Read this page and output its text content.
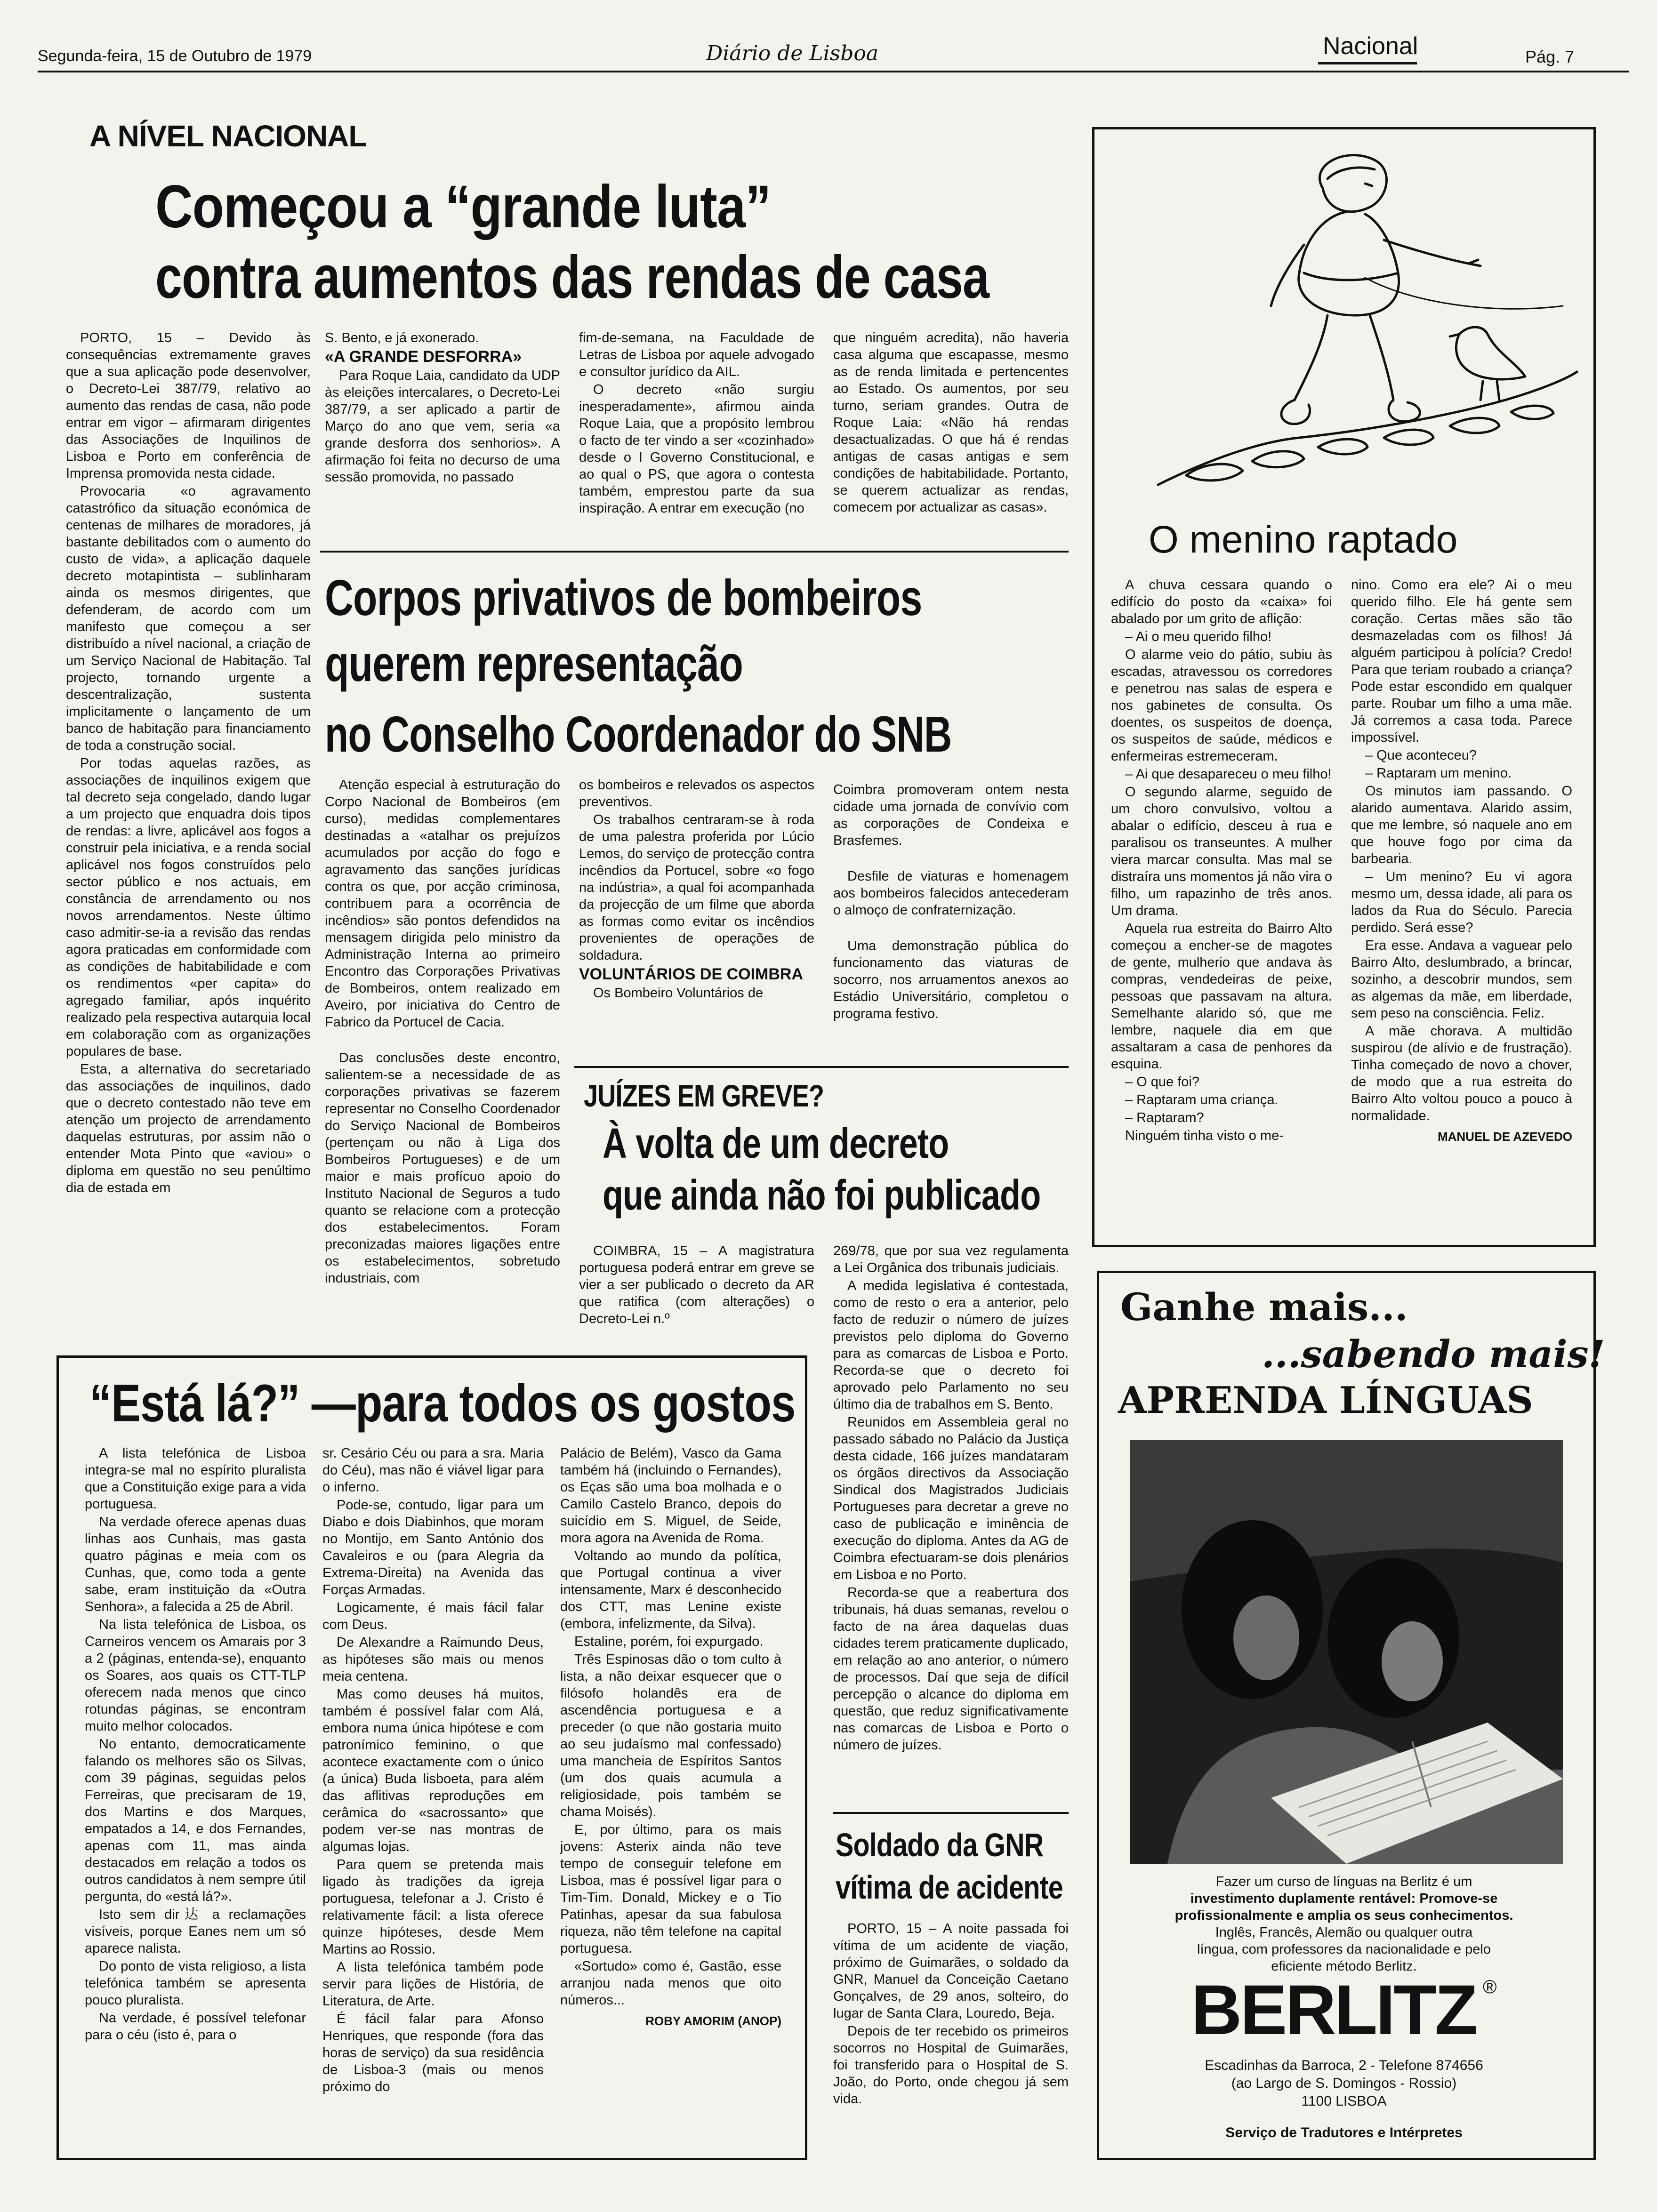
Segunda-feira, 15 de Outubro de 1979	Diário de Lisboa	Nacional	Pág. 7
A NÍVEL NACIONAL
Começou a “grande luta”
contra aumentos das rendas de casa

PORTO, 15 – Devido às consequências extremamente graves que a sua aplicação pode desenvolver, o Decreto-Lei 387/79, relativo ao aumento das rendas de casa, não pode entrar em vigor – afirmaram dirigentes das Associações de Inquilinos de Lisboa e Porto em conferência de Imprensa promovida nesta cidade.

Provocaria «o agravamento catastrófico da situação económica de centenas de milhares de moradores, já bastante debilitados com o aumento do custo de vida», a aplicação daquele decreto motapintista – sublinharam ainda os mesmos dirigentes, que defenderam, de acordo com um manifesto que começou a ser distribuído a nível nacional, a criação de um Serviço Nacional de Habitação. Tal projecto, tornando urgente a descentralização, sustenta implicitamente o lançamento de um banco de habitação para financiamento de toda a construção social.

Por todas aquelas razões, as associações de inquilinos exigem que tal decreto seja congelado, dando lugar a um projecto que enquadra dois tipos de rendas: a livre, aplicável aos fogos a construir pela iniciativa, e a renda social aplicável nos fogos construídos pelo sector público e nos actuais, em constância de arrendamento ou nos novos arrendamentos. Neste último caso admitir-se-ia a revisão das rendas agora praticadas em conformidade com as condições de habitabilidade e com os rendimentos «per capita» do agregado familiar, após inquérito realizado pela respectiva autarquia local em colaboração com as organizações populares de base.

Esta, a alternativa do secretariado das associações de inquilinos, dado que o decreto contestado não teve em atenção um projecto de arrendamento daquelas estruturas, por assim não o entender Mota Pinto que «aviou» o diploma em questão no seu penúltimo dia de estada em

S. Bento, e já exonerado.

«A GRANDE DESFORRA»

Para Roque Laia, candidato da UDP às eleições intercalares, o Decreto-Lei 387/79, a ser aplicado a partir de Março do ano que vem, seria «a grande desforra dos senhorios». A afirmação foi feita no decurso de uma sessão promovida, no passado

fim-de-semana, na Faculdade de Letras de Lisboa por aquele advogado e consultor jurídico da AIL.

O decreto «não surgiu inesperadamente», afirmou ainda Roque Laia, que a propósito lembrou o facto de ter vindo a ser «cozinhado» desde o I Governo Constitucional, e ao qual o PS, que agora o contesta também, emprestou parte da sua inspiração. A entrar em execução (no

que ninguém acredita), não haveria casa alguma que escapasse, mesmo as de renda limitada e pertencentes ao Estado. Os aumentos, por seu turno, seriam grandes. Outra de Roque Laia: «Não há rendas desactualizadas. O que há é rendas antigas de casas antigas e sem condições de habitabilidade. Portanto, se querem actualizar as rendas, comecem por actualizar as casas».

Corpos privativos de bombeiros
querem representação
no Conselho Coordenador do SNB

Atenção especial à estruturação do Corpo Nacional de Bombeiros (em curso), medidas complementares destinadas a «atalhar os prejuízos acumulados por acção do fogo e agravamento das sanções jurídicas contra os que, por acção criminosa, contribuem para a ocorrência de incêndios» são pontos defendidos na mensagem dirigida pelo ministro da Administração Interna ao primeiro Encontro das Corporações Privativas de Bombeiros, ontem realizado em Aveiro, por iniciativa do Centro de Fabrico da Portucel de Cacia.

Das conclusões deste encontro, salientem-se a necessidade de as corporações privativas se fazerem representar no Conselho Coordenador do Serviço Nacional de Bombeiros (pertençam ou não à Liga dos Bombeiros Portugueses) e de um maior e mais profícuo apoio do Instituto Nacional de Seguros a tudo quanto se relacione com a protecção dos estabelecimentos. Foram preconizadas maiores ligações entre os estabelecimentos, sobretudo industriais, com

os bombeiros e relevados os aspectos preventivos.

Os trabalhos centraram-se à roda de uma palestra proferida por Lúcio Lemos, do serviço de protecção contra incêndios da Portucel, sobre «o fogo na indústria», a qual foi acompanhada da projecção de um filme que aborda as formas como evitar os incêndios provenientes de operações de soldadura.

VOLUNTÁRIOS DE COIMBRA

Os Bombeiro Voluntários de

Coimbra promoveram ontem nesta cidade uma jornada de convívio com as corporações de Condeixa e Brasfemes.

Desfile de viaturas e homenagem aos bombeiros falecidos antecederam o almoço de confraternização.

Uma demonstração pública do funcionamento das viaturas de socorro, nos arruamentos anexos ao Estádio Universitário, completou o programa festivo.

JUÍZES EM GREVE?
À volta de um decreto
que ainda não foi publicado

COIMBRA, 15 – A magistratura portuguesa poderá entrar em greve se vier a ser publicado o decreto da AR que ratifica (com alterações) o Decreto-Lei n.º

269/78, que por sua vez regulamenta a Lei Orgânica dos tribunais judiciais.

A medida legislativa é contestada, como de resto o era a anterior, pelo facto de reduzir o número de juízes previstos pelo diploma do Governo para as comarcas de Lisboa e Porto. Recorda-se que o decreto foi aprovado pelo Parlamento no seu último dia de trabalhos em S. Bento.

Reunidos em Assembleia geral no passado sábado no Palácio da Justiça desta cidade, 166 juízes mandataram os órgãos directivos da Associação Sindical dos Magistrados Judiciais Portugueses para decretar a greve no caso de publicação e iminência de execução do diploma. Antes da AG de Coimbra efectuaram-se dois plenários em Lisboa e no Porto.

Recorda-se que a reabertura dos tribunais, há duas semanas, revelou o facto de na área daquelas duas cidades terem praticamente duplicado, em relação ao ano anterior, o número de processos. Daí que seja de difícil percepção o alcance do diploma em questão, que reduz significativamente nas comarcas de Lisboa e Porto o número de juízes.

Soldado da GNR
vítima de acidente

PORTO, 15 – A noite passada foi vítima de um acidente de viação, próximo de Guimarães, o soldado da GNR, Manuel da Conceição Caetano Gonçalves, de 29 anos, solteiro, do lugar de Santa Clara, Louredo, Beja.

Depois de ter recebido os primeiros socorros no Hospital de Guimarães, foi transferido para o Hospital de S. João, do Porto, onde chegou já sem vida.

“Está lá?” —para todos os gostos

A lista telefónica de Lisboa integra-se mal no espírito pluralista que a Constituição exige para a vida portuguesa.

Na verdade oferece apenas duas linhas aos Cunhais, mas gasta quatro páginas e meia com os Cunhas, que, como toda a gente sabe, eram instituição da «Outra Senhora», a falecida a 25 de Abril.

Na lista telefónica de Lisboa, os Carneiros vencem os Amarais por 3 a 2 (páginas, entenda-se), enquanto os Soares, aos quais os CTT-TLP oferecem nada menos que cinco rotundas páginas, se encontram muito melhor colocados.

No entanto, democraticamente falando os melhores são os Silvas, com 39 páginas, seguidas pelos Ferreiras, que precisaram de 19, dos Martins e dos Marques, empatados a 14, e dos Fernandes, apenas com 11, mas ainda destacados em relação a todos os outros candidatos à nem sempre útil pergunta, do «está lá?».

Isto sem dir达 a reclamações visíveis, porque Eanes nem um só aparece nalista.

Do ponto de vista religioso, a lista telefónica também se apresenta pouco pluralista.

Na verdade, é possível telefonar para o céu (isto é, para o

sr. Cesário Céu ou para a sra. Maria do Céu), mas não é viável ligar para o inferno.

Pode-se, contudo, ligar para um Diabo e dois Diabinhos, que moram no Montijo, em Santo António dos Cavaleiros e ou (para Alegria da Extrema-Direita) na Avenida das Forças Armadas.

Logicamente, é mais fácil falar com Deus.

De Alexandre a Raimundo Deus, as hipóteses são mais ou menos meia centena.

Mas como deuses há muitos, também é possível falar com Alá, embora numa única hipótese e com patronímico feminino, o que acontece exactamente com o único (a única) Buda lisboeta, para além das aflitivas reproduções em cerâmica do «sacrossanto» que podem ver-se nas montras de algumas lojas.

Para quem se pretenda mais ligado às tradições da igreja portuguesa, telefonar a J. Cristo é relativamente fácil: a lista oferece quinze hipóteses, desde Mem Martins ao Rossio.

A lista telefónica também pode servir para lições de História, de Literatura, de Arte.

É fácil falar para Afonso Henriques, que responde (fora das horas de serviço) da sua residência de Lisboa-3 (mais ou menos próximo do

Palácio de Belém), Vasco da Gama também há (incluindo o Fernandes), os Eças são uma boa molhada e o Camilo Castelo Branco, depois do suicídio em S. Miguel, de Seide, mora agora na Avenida de Roma.

Voltando ao mundo da política, que Portugal continua a viver intensamente, Marx é desconhecido dos CTT, mas Lenine existe (embora, infelizmente, da Silva).

Estaline, porém, foi expurgado.

Três Espinosas dão o tom culto à lista, a não deixar esquecer que o filósofo holandês era de ascendência portuguesa e a preceder (o que não gostaria muito ao seu judaísmo mal confessado) uma mancheia de Espíritos Santos (um dos quais acumula a religiosidade, pois também se chama Moisés).

E, por último, para os mais jovens: Asterix ainda não teve tempo de conseguir telefone em Lisboa, mas é possível ligar para o Tim-Tim. Donald, Mickey e o Tio Patinhas, apesar da sua fabulosa riqueza, não têm telefone na capital portuguesa.

«Sortudo» como é, Gastão, esse arranjou nada menos que oito números...

ROBY AMORIM (ANOP)

O menino raptado

A chuva cessara quando o edifício do posto da «caixa» foi abalado por um grito de aflição:

– Ai o meu querido filho!

O alarme veio do pátio, subiu às escadas, atravessou os corredores e penetrou nas salas de espera e nos gabinetes de consulta. Os doentes, os suspeitos de doença, os suspeitos de saúde, médicos e enfermeiras estremeceram.

– Ai que desapareceu o meu filho!

O segundo alarme, seguido de um choro convulsivo, voltou a abalar o edifício, desceu à rua e paralisou os transeuntes. A mulher viera marcar consulta. Mas mal se distraíra uns momentos já não vira o filho, um rapazinho de três anos. Um drama.

Aquela rua estreita do Bairro Alto começou a encher-se de magotes de gente, mulherio que andava às compras, vendedeiras de peixe, pessoas que passavam na altura. Semelhante alarido só, que me lembre, naquele dia em que assaltaram a casa de penhores da esquina.

– O que foi?

– Raptaram uma criança.

– Raptaram?

Ninguém tinha visto o me-

nino. Como era ele? Ai o meu querido filho. Ele há gente sem coração. Certas mães são tão desmazeladas com os filhos! Já alguém participou à polícia? Credo! Para que teriam roubado a criança? Pode estar escondido em qualquer parte. Roubar um filho a uma mãe. Já corremos a casa toda. Parece impossível.

– Que aconteceu?

– Raptaram um menino.

Os minutos iam passando. O alarido aumentava. Alarido assim, que me lembre, só naquele ano em que houve fogo por cima da barbearia.

– Um menino? Eu vi agora mesmo um, dessa idade, ali para os lados da Rua do Século. Parecia perdido. Será esse?

Era esse. Andava a vaguear pelo Bairro Alto, deslumbrado, a brincar, sozinho, a descobrir mundos, sem as algemas da mãe, em liberdade, sem peso na consciência. Feliz.

A mãe chorava. A multidão suspirou (de alívio e de frustração). Tinha começado de novo a chover, de modo que a rua estreita do Bairro Alto voltou pouco a pouco à normalidade.

MANUEL DE AZEVEDO

Ganhe mais...
...sabendo mais!
APRENDA LÍNGUAS
Fazer um curso de línguas na Berlitz é um
investimento duplamente rentável: Promove-se
profissionalmente e amplia os seus conhecimentos.
Inglês, Francês, Alemão ou qualquer outra
língua, com professores da nacionalidade e pelo
eficiente método Berlitz.
BERLITZ ®
Escadinhas da Barroca, 2 - Telefone 874656
(ao Largo de S. Domingos - Rossio)
1100 LISBOA
Serviço de Tradutores e Intérpretes
